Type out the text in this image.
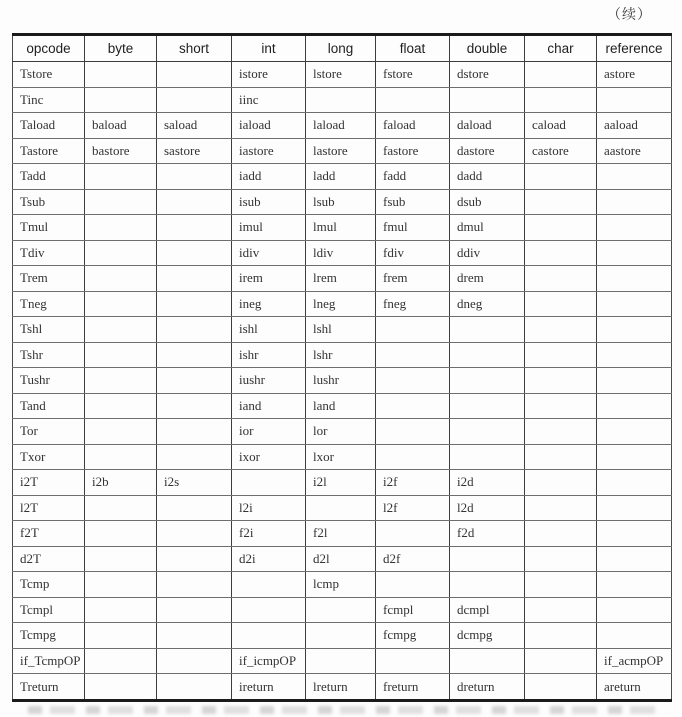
（续）
opcode	byte	short	int	long	float	double	char	reference
Tstore			istore	lstore	fstore	dstore		astore
Tinc			iinc					
Taload	baload	saload	iaload	laload	faload	daload	caload	aaload
Tastore	bastore	sastore	iastore	lastore	fastore	dastore	castore	aastore
Tadd			iadd	ladd	fadd	dadd		
Tsub			isub	lsub	fsub	dsub		
Tmul			imul	lmul	fmul	dmul		
Tdiv			idiv	ldiv	fdiv	ddiv		
Trem			irem	lrem	frem	drem		
Tneg			ineg	lneg	fneg	dneg		
Tshl			ishl	lshl				
Tshr			ishr	lshr				
Tushr			iushr	lushr				
Tand			iand	land				
Tor			ior	lor				
Txor			ixor	lxor				
i2T	i2b	i2s		i2l	i2f	i2d		
l2T			l2i		l2f	l2d		
f2T			f2i	f2l		f2d		
d2T			d2i	d2l	d2f			
Tcmp				lcmp				
Tcmpl					fcmpl	dcmpl		
Tcmpg					fcmpg	dcmpg		
if_TcmpOP			if_icmpOP					if_acmpOP
Treturn			ireturn	lreturn	freturn	dreturn		areturn
